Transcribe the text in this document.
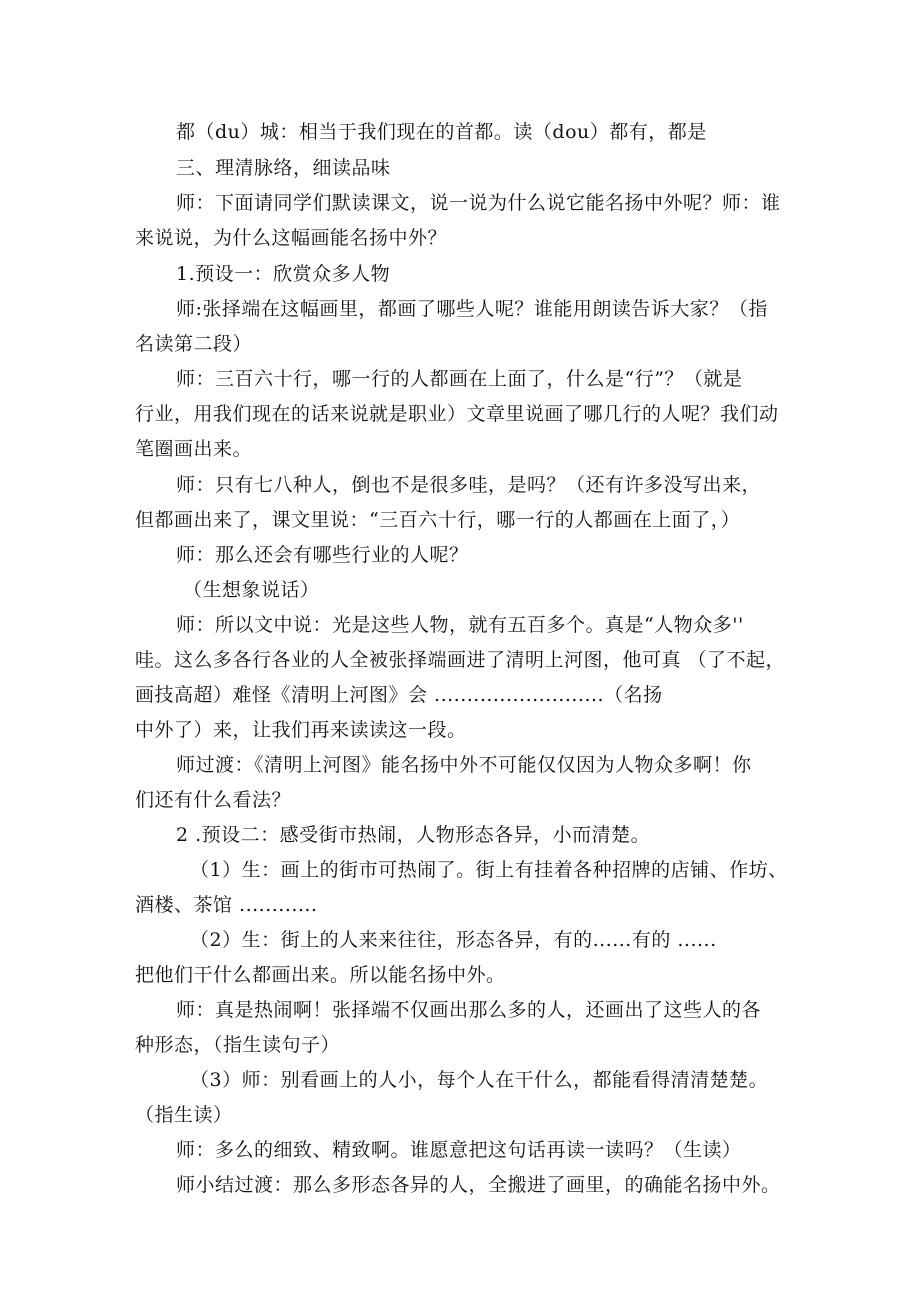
都（du）城：相当于我们现在的首都。读（dou）都有，都是
三、理清脉络，细读品味
师：下面请同学们默读课文，说一说为什么说它能名扬中外呢？师：谁
来说说，为什么这幅画能名扬中外？
1.预设一：欣赏众多人物
师:张择端在这幅画里，都画了哪些人呢？谁能用朗读告诉大家？（指
名读第二段）
师：三百六十行，哪一行的人都画在上面了，什么是“行”？（就是
行业，用我们现在的话来说就是职业）文章里说画了哪几行的人呢？我们动
笔圈画出来。
师：只有七八种人，倒也不是很多哇，是吗？（还有许多没写出来，
但都画出来了，课文里说：“三百六十行，哪一行的人都画在上面了，）
师：那么还会有哪些行业的人呢？
（生想象说话）
师：所以文中说：光是这些人物，就有五百多个。真是“人物众多''
哇。这么多各行各业的人全被张择端画进了清明上河图，他可真 （了不起，
画技高超）难怪《清明上河图》会 ..........................（名扬
中外了）来，让我们再来读读这一段。
师过渡：《清明上河图》能名扬中外不可能仅仅因为人物众多啊！你
们还有什么看法？
2 .预设二：感受街市热闹，人物形态各异，小而清楚。
（1）生：画上的街市可热闹了。街上有挂着各种招牌的店铺、作坊、
酒楼、茶馆 ............
（2）生：街上的人来来往往，形态各异，有的......有的 ......
把他们干什么都画出来。所以能名扬中外。
师：真是热闹啊！张择端不仅画出那么多的人，还画出了这些人的各
种形态，（指生读句子）
（3）师：别看画上的人小，每个人在干什么，都能看得清清楚楚。
（指生读）
师：多么的细致、精致啊。谁愿意把这句话再读一读吗？（生读）
师小结过渡：那么多形态各异的人，全搬进了画里，的确能名扬中外。
